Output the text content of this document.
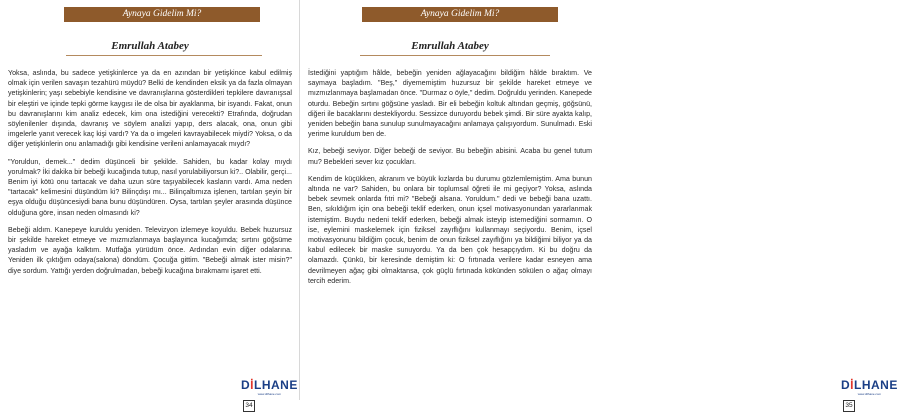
Aynaya Gidelim Mi?
Emrullah Atabey

Yoksa, aslında, bu sadece yetişkinlerce ya da en azından bir yetişkince kabul edilmiş olmak için verilen savaşın tezahürü müydü? Belki de kendinden eksik ya da fazla olmayan yetişkinlerin; yaşı sebebiyle kendisine ve davranışlarına gösterdikleri tepkilere davranışsal bir eleştiri ve içinde tepki görme kaygısı ile de olsa bir ayaklanma, bir isyandı. Fakat, onun bu davranışlarını kim analiz edecek, kim ona istediğini verecekti? Etrafında, doğrudan söylenilenler dışında, davranış ve söylem analizi yapıp, ders alacak, ona, onun gibi imgelerle yanıt verecek kaç kişi vardı? Ya da o imgeleri kavrayabilecek miydi? Yoksa, o da diğer yetişkinlerin onu anlamadığı gibi kendisine verileni anlamayacak mıydı?

"Yoruldun, demek..." dedim düşünceli bir şekilde. Sahiden, bu kadar kolay mıydı yorulmak? İki dakika bir bebeği kucağında tutup, nasıl yorulabiliyorsun ki?.. Olabilir, gerçi... Benim iyi kötü onu tartacak ve daha uzun süre taşıyabilecek kasların vardı. Ama neden "tartacak" kelimesini düşündüm ki? Bilinçdışı mı... Bilinçaltımıza işlenen, tartılan şeyin bir eşya olduğu düşüncesiydi bana bunu düşündüren. Oysa, tartılan şeyler arasında düşünce olduğuna göre, insan neden olmasındı ki?

Bebeği aldım. Kanepeye kuruldu yeniden. Televizyon izlemeye koyuldu. Bebek huzursuz bir şekilde hareket etmeye ve mızmızlanmaya başlayınca kucağımda; sırtını göğsüme yasladım ve ayağa kalktım. Mutfağa yürüdüm önce. Ardından evin diğer odalarına. Yeniden ilk çıktığım odaya(salona) döndüm. Çocuğa gittim. "Bebeği almak ister misin?" diye sordum. Yattığı yerden doğrulmadan, bebeği kucağına bırakmamı işaret etti.

DİLHANE
www.dilhane.com
34
Aynaya Gidelim Mi?
Emrullah Atabey

İstediğini yaptığım hâlde, bebeğin yeniden ağlayacağını bildiğim hâlde bıraktım. Ve saymaya başladım. "Beş," diyememiştim huzursuz bir şekilde hareket etmeye ve mızmızlanmaya başlamadan önce. "Durmaz o öyle," dedim. Doğruldu yerinden. Kanepede oturdu. Bebeğin sırtını göğsüne yasladı. Bir eli bebeğin koltuk altından geçmiş, göğsünü, diğeri ile bacaklarını destekliyordu. Sessizce duruyordu bebek şimdi. Bir süre ayakta kalıp, yeniden bebeğin bana sunulup sunulmayacağını anlamaya çalışıyordum. Sunulmadı. Eski yerime kuruldum ben de.

Kız, bebeği seviyor. Diğer bebeği de seviyor. Bu bebeğin abisini. Acaba bu genel tutum mu? Bebekleri sever kız çocukları.

Kendim de küçükken, akranım ve büyük kızlarda bu durumu gözlemlemiştim. Ama bunun altında ne var? Sahiden, bu onlara bir toplumsal öğreti ile mi geçiyor? Yoksa, aslında bebek sevmek onlarda fıtri mi? "Bebeği alsana. Yoruldum." dedi ve bebeği bana uzattı. Ben, sıkıldığım için ona bebeği teklif ederken, onun içsel motivasyonundan yararlanmak istemiştim. Buydu nedeni teklif ederken, bebeği almak isteyip istemediğini sormamın. O ise, eylemini maskelemek için fiziksel zayıflığını kullanmayı seçiyordu. Benim, içsel motivasyonunu bildiğim çocuk, benim de onun fiziksel zayıflığını ya bildiğimi biliyor ya da kabul edilecek bir maske sunuyordu. Ya da ben çok hesapçıydım. Ki bu doğru da olamazdı. Çünkü, bir keresinde demiştim ki: O fırtınada verilere kadar esneyen ama devrilmeyen ağaç gibi olmaktansa, çok güçlü fırtınada kökünden sökülen o ağaç olmayı tercih ederim.

DİLHANE
www.dilhane.com
35
